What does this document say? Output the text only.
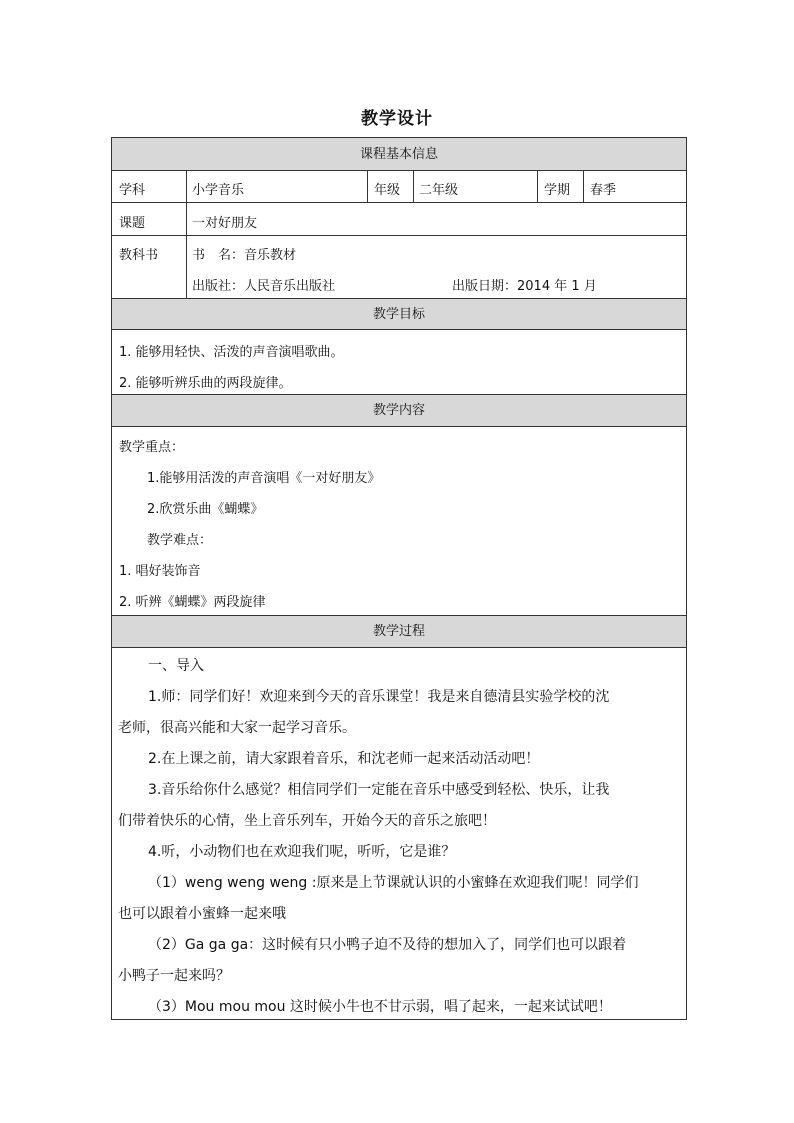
教学设计
课程基本信息
学科	小学音乐	年级 二年级	学期 春季
课题	一对好朋友
教科书	书　名：音乐教材
出版社：人民音乐出版社	出版日期：2014 年 1 月
教学目标
1. 能够用轻快、活泼的声音演唱歌曲。
2. 能够听辨乐曲的两段旋律。
教学内容
教学重点：
1.能够用活泼的声音演唱《一对好朋友》
2.欣赏乐曲《蝴蝶》
教学难点：
1. 唱好装饰音
2. 听辨《蝴蝶》两段旋律
教学过程
一、导入
1.师：同学们好！欢迎来到今天的音乐课堂！我是来自德清县实验学校的沈
老师，很高兴能和大家一起学习音乐。
2.在上课之前，请大家跟着音乐，和沈老师一起来活动活动吧！
3.音乐给你什么感觉？相信同学们一定能在音乐中感受到轻松、快乐，让我
们带着快乐的心情，坐上音乐列车，开始今天的音乐之旅吧！
4.听，小动物们也在欢迎我们呢，听听，它是谁？
（1）weng weng weng :原来是上节课就认识的小蜜蜂在欢迎我们呢！同学们
也可以跟着小蜜蜂一起来哦
（2）Ga ga ga：这时候有只小鸭子迫不及待的想加入了，同学们也可以跟着
小鸭子一起来吗？
（3）Mou mou mou 这时候小牛也不甘示弱，唱了起来，一起来试试吧！
